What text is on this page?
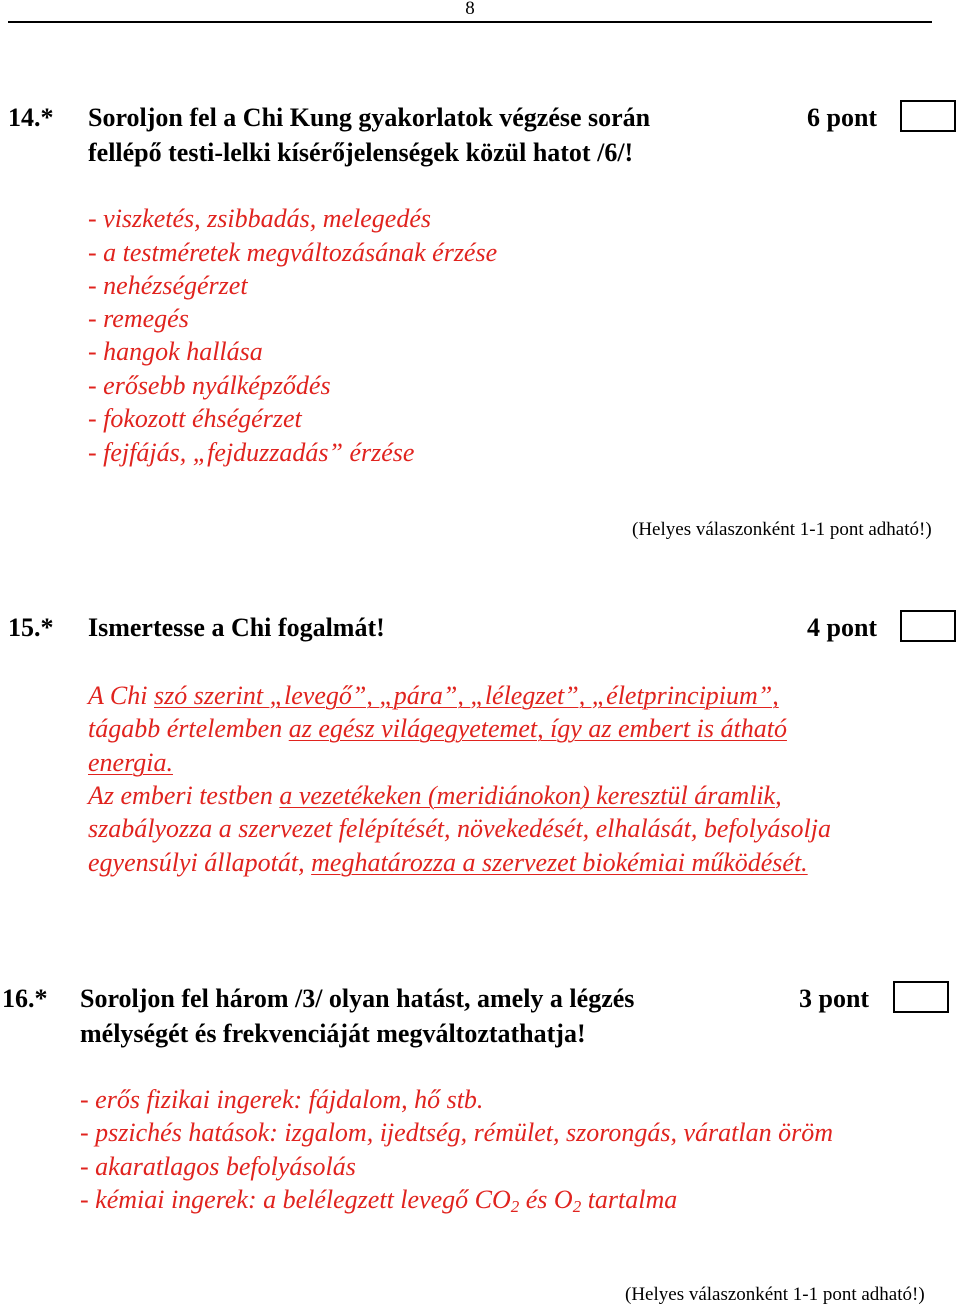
8
14.* Soroljon fel a Chi Kung gyakorlatok végzése során
fellépő testi-lelki kísérőjelenségek közül hatot /6/!
6 pont
- viszketés, zsibbadás, melegedés
- a testméretek megváltozásának érzése
- nehézségérzet
- remegés
- hangok hallása
- erősebb nyálképződés
- fokozott éhségérzet
- fejfájás, „fejduzzadás” érzése
(Helyes válaszonként 1-1 pont adható!)
15.* Ismertesse a Chi fogalmát!	4 pont
A Chi szó szerint „levegő”, „pára”, „lélegzet”, „életprincipium”,
tágabb értelemben az egész világegyetemet, így az embert is átható
energia.
Az emberi testben a vezetékeken (meridiánokon) keresztül áramlik,
szabályozza a szervezet felépítését, növekedését, elhalását, befolyásolja
egyensúlyi állapotát, meghatározza a szervezet biokémiai működését.
16.* Soroljon fel három /3/ olyan hatást, amely a légzés
mélységét és frekvenciáját megváltoztathatja!
3 pont
- erős fizikai ingerek: fájdalom, hő stb.
- pszichés hatások: izgalom, ijedtség, rémület, szorongás, váratlan öröm
- akaratlagos befolyásolás
- kémiai ingerek: a belélegzett levegő $CO_2$ és $O_2$ tartalma
(Helyes válaszonként 1-1 pont adható!)
